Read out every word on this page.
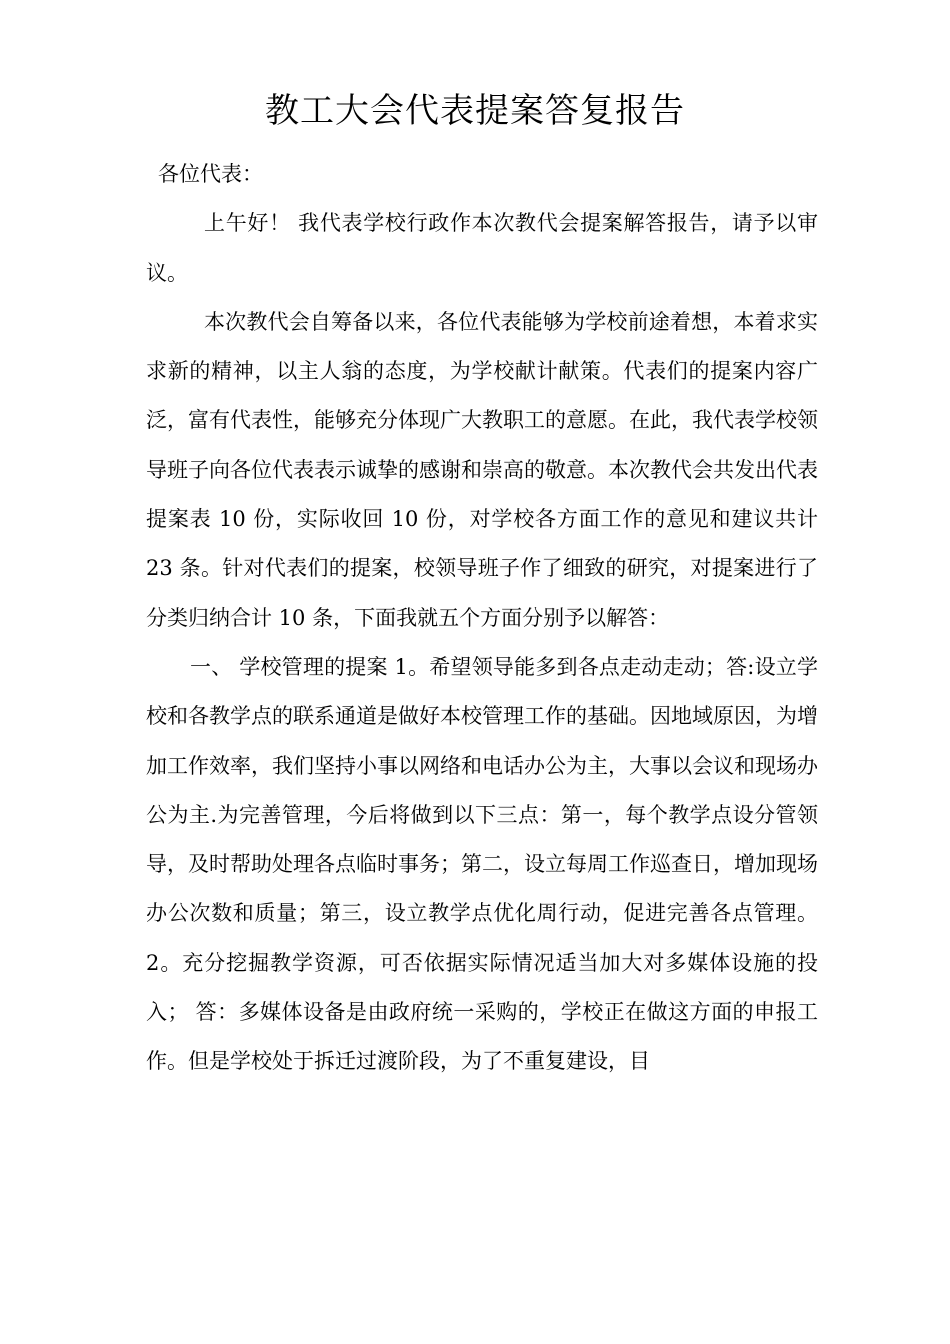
教工大会代表提案答复报告

各位代表：

上午好！ 我代表学校行政作本次教代会提案解答报告，请予以审议。

本次教代会自筹备以来，各位代表能够为学校前途着想，本着求实求新的精神，以主人翁的态度，为学校献计献策。代表们的提案内容广泛，富有代表性，能够充分体现广大教职工的意愿。在此，我代表学校领导班子向各位代表表示诚挚的感谢和崇高的敬意。本次教代会共发出代表提案表 10 份，实际收回 10 份，对学校各方面工作的意见和建议共计 23 条。针对代表们的提案，校领导班子作了细致的研究，对提案进行了分类归纳合计 10 条，下面我就五个方面分别予以解答：

一、 学校管理的提案 1。希望领导能多到各点走动走动；答:设立学校和各教学点的联系通道是做好本校管理工作的基础。因地域原因，为增加工作效率，我们坚持小事以网络和电话办公为主，大事以会议和现场办公为主.为完善管理，今后将做到以下三点：第一，每个教学点设分管领导，及时帮助处理各点临时事务；第二，设立每周工作巡查日，增加现场办公次数和质量；第三，设立教学点优化周行动，促进完善各点管理。 2。充分挖掘教学资源，可否依据实际情况适当加大对多媒体设施的投入； 答：多媒体设备是由政府统一采购的，学校正在做这方面的申报工作。但是学校处于拆迁过渡阶段，为了不重复建设，目
